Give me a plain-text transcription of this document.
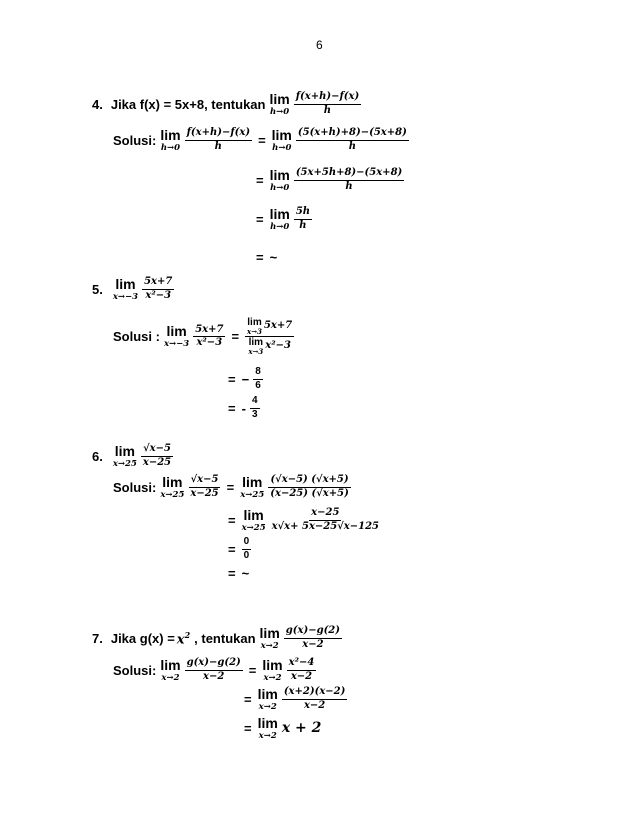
6
4. Jika f(x) = 5x+8, tentukan lim
$h\to 0 \frac{f(x+h)-f(x)}{h}$
Solusi: lim
$h\to 0 \frac{f(x+h)-f(x)}{h} = \lim$
$h\to 0 \frac{(5(x+h)+8)-(5x+8)}{h}$
= lim
$h\to 0 \frac{(5x+5h+8)-(5x+8)}{h}$
= lim
$h\to 0 \frac{5h}{h}$
= ~
5. lim
$x\to-3 \frac{5x+7}{\text{x²−3}}$
Solusi : lim
$x\to-3 \frac{5x+7}{\text{x²−3}} = \lim$
x→3
5x+7
lim
x→3
x²−3
= − $\frac{8}{6}$
= - $\frac{4}{3}$
6. lim
$x\to 25 \frac{√x-5}{x-25}$
Solusi: lim
$x\to 25 \frac{√x-5}{x-25} = \lim$
$x\to 25 \frac{(√x-5) (√x+5)}{(x-25) (√x+5)}$
= lim
$x\to 25 \frac{x-25}{x√x+ 5x-25√x-125}$
= $\frac{0}{0}$
= ~
7. Jika $g(x) = x^2$ , tentukan lim
$x\to 2 \frac{g(x)-g(2)}{x-2}$
Solusi: lim
$x\to 2 \frac{g(x)-g(2)}{x-2} = \lim$
$x\to 2 \frac{\text{x²−4}}{x-2}$
= lim
$x\to 2 \frac{(x+2)(x-2)}{x-2}$
= lim
x→2 x + 2
